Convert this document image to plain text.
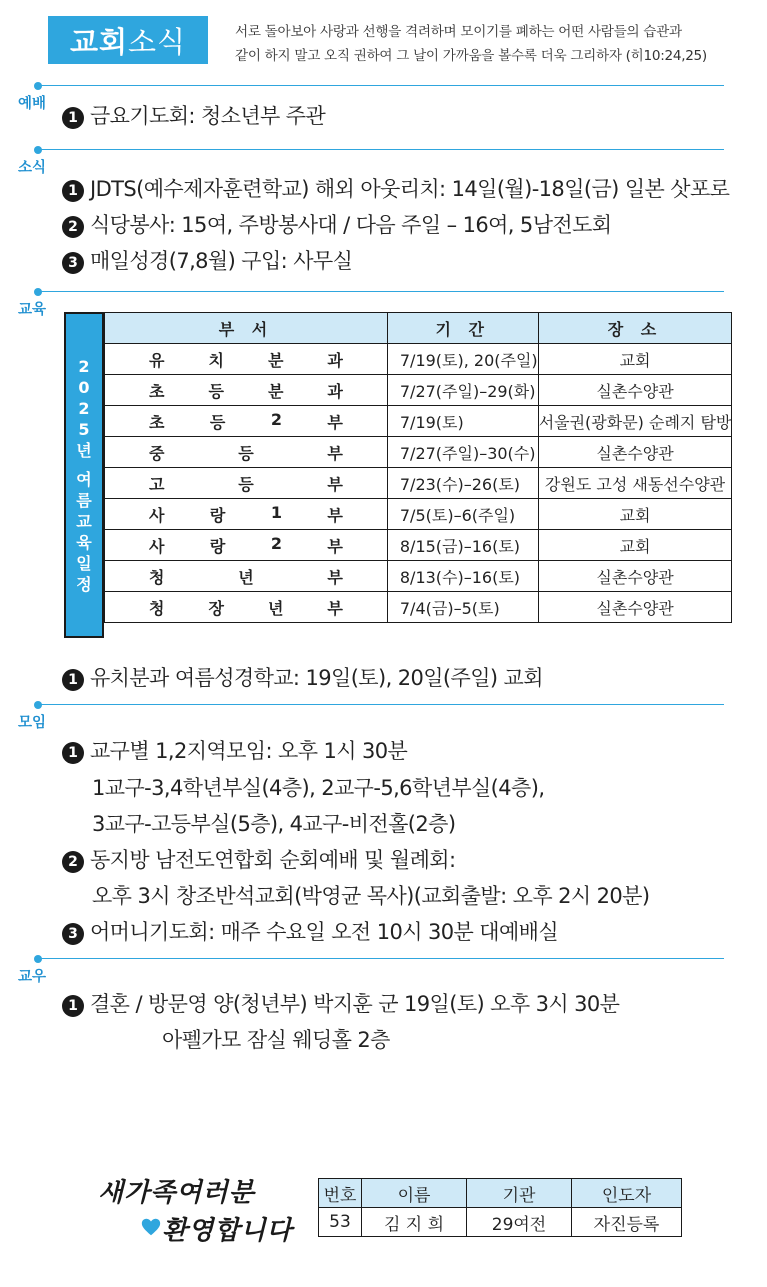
교회 소식	서로 돌아보아 사랑과 선행을 격려하며 모이기를 폐하는 어떤 사람들의 습관과
같이 하지 말고 오직 권하여 그 날이 가까움을 볼수록 더욱 그리하자 (히10:24,25)
예배
1 금요기도회: 청소년부 주관
소식
1 JDTS(예수제자훈련학교) 해외 아웃리치: 14일(월)-18일(금) 일본 삿포로
2 식당봉사: 15여, 주방봉사대 / 다음 주일 – 16여, 5남전도회
3 매일성경(7,8월) 구입: 사무실
교육
2
0
2
5
년
여
름
교
육
일
정
부 서	기 간	장 소

유 치 분 과	7/19(토), 20(주일)	교회

초 등 분 과	7/27(주일)–29(화)	실촌수양관

초 등 2 부	7/19(토)	서울권(광화문) 순례지 탐방

중 등 부	7/27(주일)–30(수)	실촌수양관

고 등 부	7/23(수)–26(토)	강원도 고성 새동선수양관

사 랑 1 부	7/5(토)–6(주일)	교회

사 랑 2 부	8/15(금)–16(토)	교회

청 년 부	8/13(수)–16(토)	실촌수양관

청 장 년 부	7/4(금)–5(토)	실촌수양관
1 유치분과 여름성경학교: 19일(토), 20일(주일) 교회
모임
1 교구별 1,2지역모임: 오후 1시 30분
1교구-3,4학년부실(4층), 2교구-5,6학년부실(4층),
3교구-고등부실(5층), 4교구-비전홀(2층)
2 동지방 남전도연합회 순회예배 및 월례회:
오후 3시 창조반석교회(박영균 목사)(교회출발: 오후 2시 20분)
3 어머니기도회: 매주 수요일 오전 10시 30분 대예배실
교우
1 결혼 / 방문영 양(청년부) 박지훈 군 19일(토) 오후 3시 30분
아펠가모 잠실 웨딩홀 2층
새가족여러분
환영합니다
번호	이름	기관	인도자
53	김 지 희	29여전	자진등록
